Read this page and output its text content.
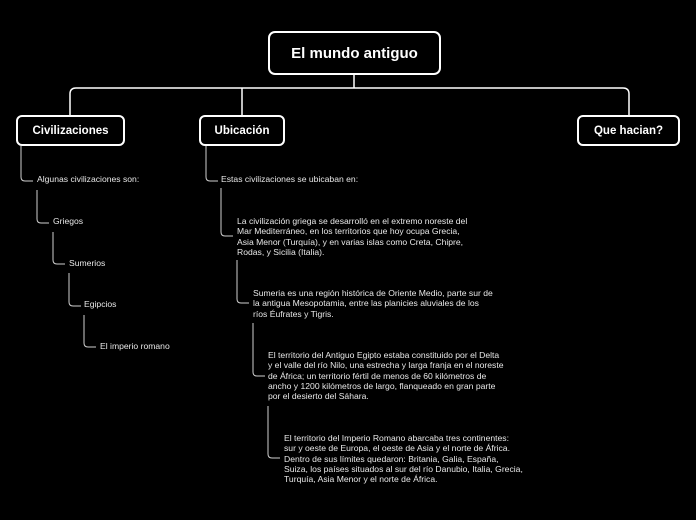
El mundo antiguo
Civilizaciones	Ubicación	Que hacian?
Algunas civilizaciones son:
Griegos
Sumerios
Egipcios
El imperio romano
Estas civilizaciones se ubicaban en:
La civilización griega se desarrolló en el extremo noreste del
Mar Mediterráneo, en los territorios que hoy ocupa Grecia,
Asia Menor (Turquía), y en varias islas como Creta, Chipre,
Rodas, y Sicilia (Italia).
Sumeria es una región histórica de Oriente Medio, parte sur de
la antigua Mesopotamia, entre las planicies aluviales de los
ríos Éufrates y Tigris.
El territorio del Antiguo Egipto estaba constituido por el Delta
y el valle del río Nilo, una estrecha y larga franja en el noreste
de África; un territorio fértil de menos de 60 kilómetros de
ancho y 1200 kilómetros de largo, flanqueado en gran parte
por el desierto del Sáhara.
El territorio del Imperio Romano abarcaba tres continentes:
sur y oeste de Europa, el oeste de Asia y el norte de África.
Dentro de sus límites quedaron: Britania, Galia, España,
Suiza, los países situados al sur del río Danubio, Italia, Grecia,
Turquía, Asia Menor y el norte de África.
